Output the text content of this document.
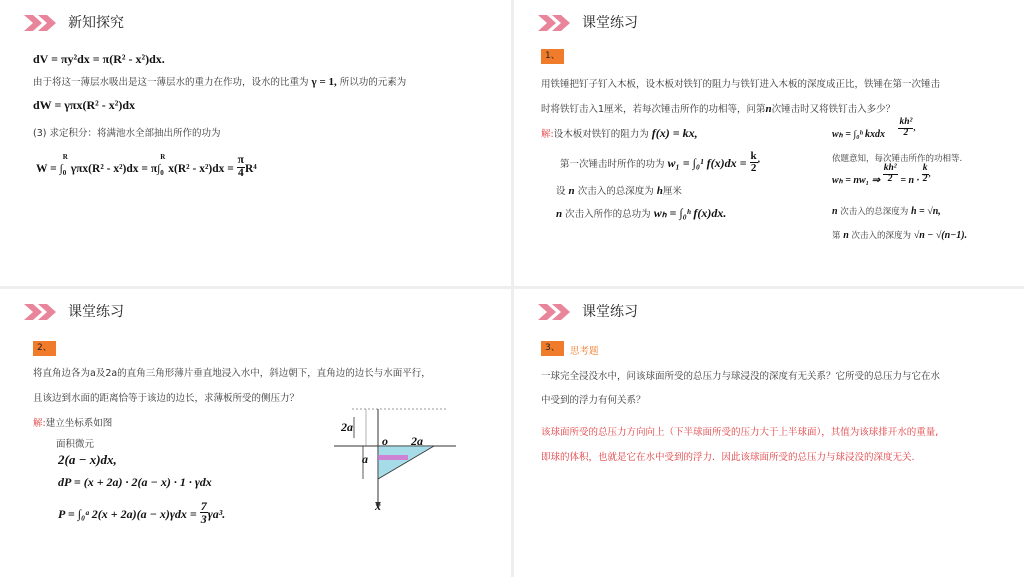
新知探究
dV = πy²dx = π(R² - x²)dx.
由于将这一薄层水吸出是这一薄层水的重力在作功，设水的比重为 γ = 1, 所以功的元素为
dW = γπx(R² - x²)dx
(3) 求定积分：将满池水全部抽出所作的功为
W = ∫
R
0 γπx(R² - x²)dx = π∫
R
0 $x(R^2 - x^2)dx = \frac{\pi}{4} R^4$
课堂练习
1、
用铁锤把钉子钉入木板，设木板对铁钉的阻力与铁钉进入木板的深度成正比，铁锤在第一次锤击
时将铁钉击入1厘米，若每次锤击所作的功相等，问第n次锤击时又将铁钉击入多少？
解:设木板对铁钉的阻力为 f(x) = kx,
第一次锤击时所作的功为 w₁ = ∫₀¹ $f(x)dx = \frac{k}{2}$ ,
设 n 次击入的总深度为 h厘米
n 次击入所作的总功为 wₕ = ∫₀ʰ f(x)dx.
wₕ = ∫₀ʰ kxdx $\frac{\text{kh²}}{2}$ ,
依题意知，每次锤击所作的功相等.
wₕ = nw₁ ⇒ $\frac{\text{kh²}}{2} = n \cdot \frac{k}{2}$ ,
n 次击入的总深度为 h = √n,
第 n 次击入的深度为 √n − √(n−1).
课堂练习
2、
将直角边各为a及2a的直角三角形薄片垂直地浸入水中，斜边朝下，直角边的边长与水面平行，
且该边到水面的距离恰等于该边的边长，求薄板所受的侧压力？
解:建立坐标系如图
面积微元
2(a − x)dx,
dP = (x + 2a) · 2(a − x) · 1 · γdx
P = ∫₀ᵃ $2(x + 2a)(a - x)\gamma dx = \frac{7}{3} \gamma a^3$.
2a
o 2a
a
x
课堂练习
3、	思考题
一球完全浸没水中，问该球面所受的总压力与球浸没的深度有无关系？它所受的总压力与它在水
中受到的浮力有何关系？
该球面所受的总压力方向向上（下半球面所受的压力大于上半球面），其值为该球排开水的重量,
即球的体积，也就是它在水中受到的浮力．因此该球面所受的总压力与球浸没的深度无关.
